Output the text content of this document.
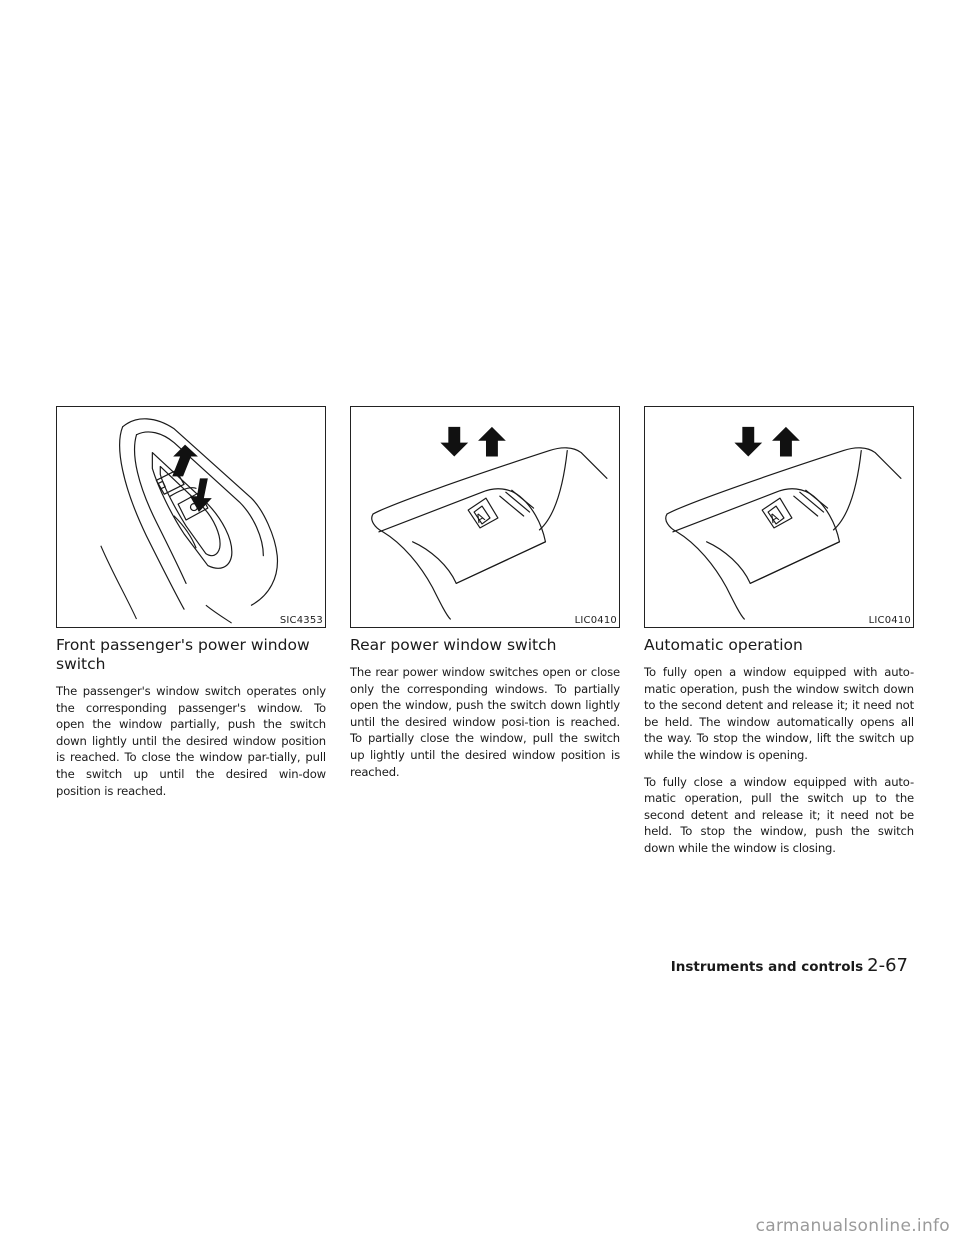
SIC4353
A
LIC0410
A
LIC0410
Front passenger's power window switch

The passenger's window switch operates only the corresponding passenger's window. To open the window partially, push the switch down lightly until the desired window position is reached. To close the window par-tially, pull the switch up until the desired win-dow position is reached.

Rear power window switch

The rear power window switches open or close only the corresponding windows. To partially open the window, push the switch down lightly until the desired window posi-tion is reached. To partially close the window, pull the switch up lightly until the desired window position is reached.

Automatic operation

To fully open a window equipped with auto-matic operation, push the window switch down to the second detent and release it; it need not be held. The window automatically opens all the way. To stop the window, lift the switch up while the window is opening.

To fully close a window equipped with auto-matic operation, pull the switch up to the second detent and release it; it need not be held. To stop the window, push the switch down while the window is closing.

Instruments and controls 2-67
carmanualsonline.info
